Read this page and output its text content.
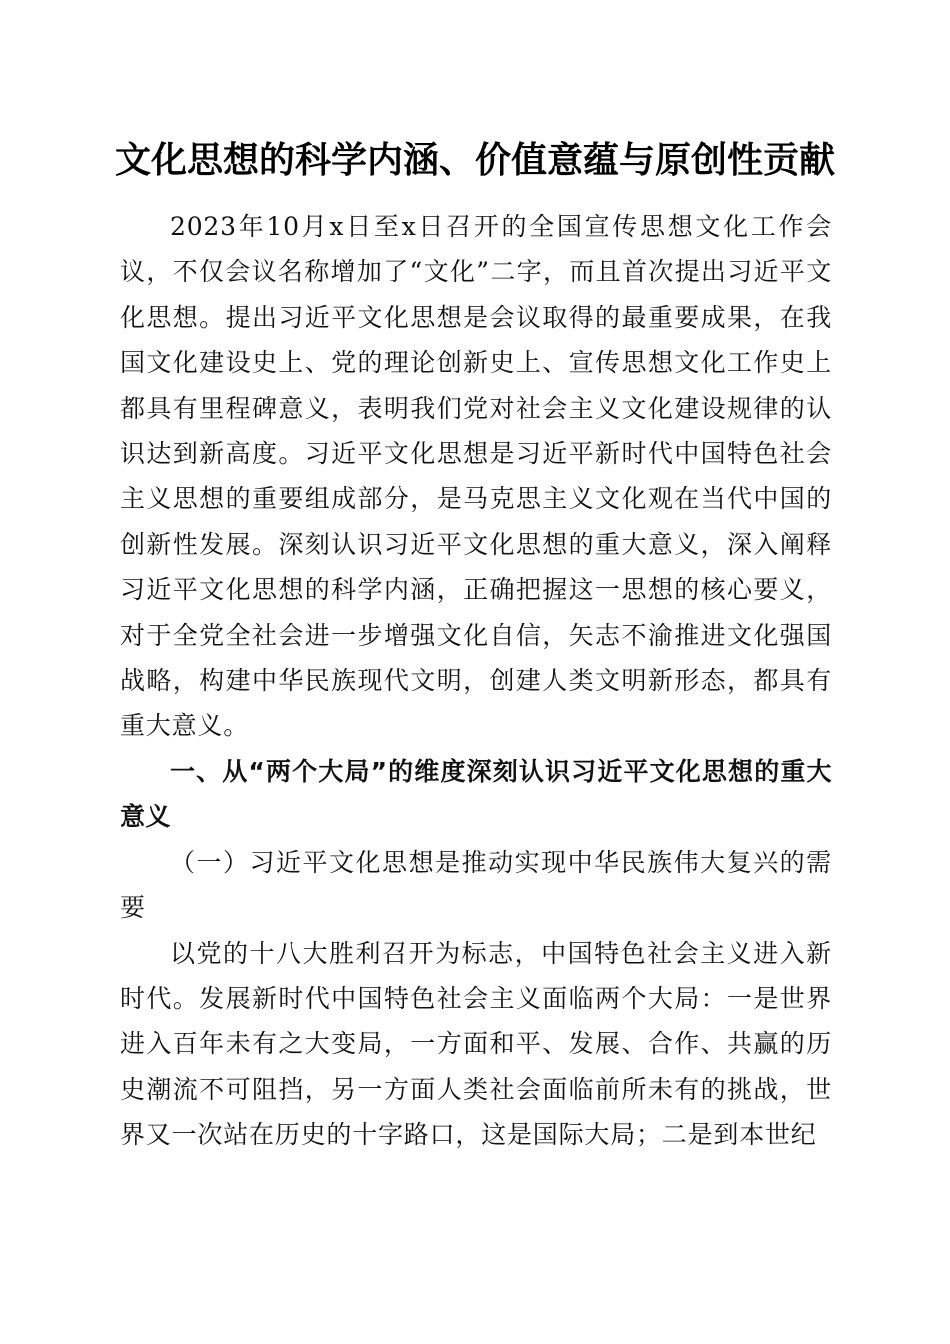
文化思想的科学内涵、价值意蕴与原创性贡献

2023年10月x日至x日召开的全国宣传思想文化工作会议，不仅会议名称增加了“文化”二字，而且首次提出习近平文化思想。提出习近平文化思想是会议取得的最重要成果，在我国文化建设史上、党的理论创新史上、宣传思想文化工作史上都具有里程碑意义，表明我们党对社会主义文化建设规律的认识达到新高度。习近平文化思想是习近平新时代中国特色社会主义思想的重要组成部分，是马克思主义文化观在当代中国的创新性发展。深刻认识习近平文化思想的重大意义，深入阐释习近平文化思想的科学内涵，正确把握这一思想的核心要义，对于全党全社会进一步增强文化自信，矢志不渝推进文化强国战略，构建中华民族现代文明，创建人类文明新形态，都具有重大意义。

一、从“两个大局”的维度深刻认识习近平文化思想的重大意义

（一）习近平文化思想是推动实现中华民族伟大复兴的需要

以党的十八大胜利召开为标志，中国特色社会主义进入新时代。发展新时代中国特色社会主义面临两个大局：一是世界进入百年未有之大变局，一方面和平、发展、合作、共赢的历史潮流不可阻挡，另一方面人类社会面临前所未有的挑战，世界又一次站在历史的十字路口，这是国际大局；二是到本世纪
